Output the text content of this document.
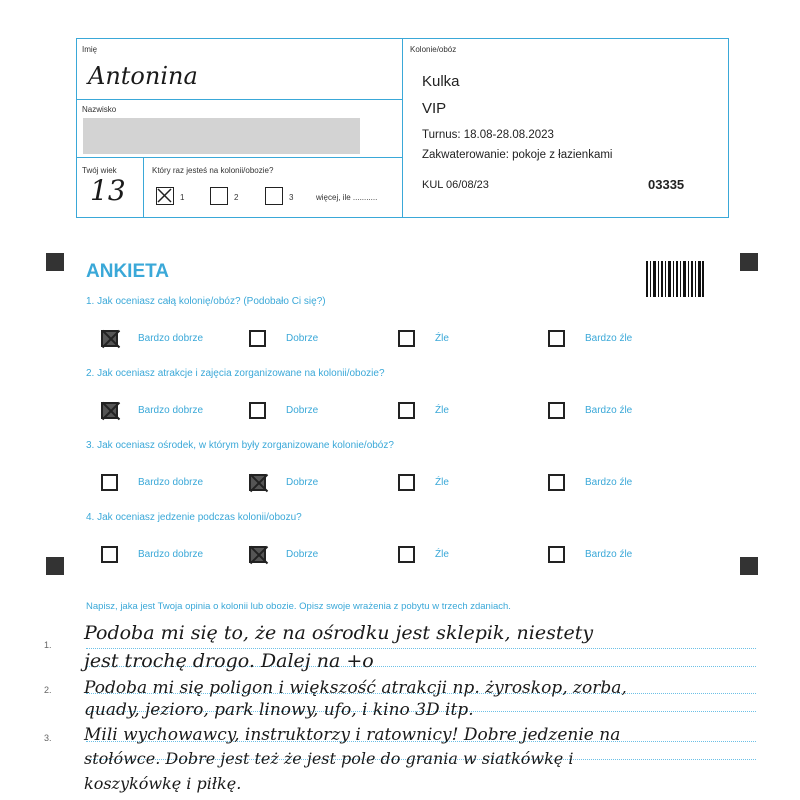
Imię
Antonina
Nazwisko
Twój wiek
13
Który raz jesteś na kolonii/obozie?
1	2	3	więcej, ile ...........
Kolonie/obóz
Kulka
VIP
Turnus: 18.08-28.08.2023
Zakwaterowanie: pokoje z łazienkami
KUL 06/08/23	03335
ANKIETA
1. Jak oceniasz całą kolonię/obóz? (Podobało Ci się?)
Bardzo dobrze	Dobrze	Źle	Bardzo źle
2. Jak oceniasz atrakcje i zajęcia zorganizowane na kolonii/obozie?
Bardzo dobrze	Dobrze	Źle	Bardzo źle
3. Jak oceniasz ośrodek, w którym były zorganizowane kolonie/obóz?
Bardzo dobrze	Dobrze	Źle	Bardzo źle
4. Jak oceniasz jedzenie podczas kolonii/obozu?
Bardzo dobrze	Dobrze	Źle	Bardzo źle
Napisz, jaka jest Twoja opinia o kolonii lub obozie. Opisz swoje wrażenia z pobytu w trzech zdaniach.
1.
2.
3.
Podoba mi się to, że na ośrodku jest sklepik, niestety
jest trochę drogo. Dalej na +o
Podoba mi się poligon i większość atrakcji np. żyroskop, zorba,
quady, jezioro, park linowy, ufo, i kino 3D itp.
Mili wychowawcy, instruktorzy i ratownicy! Dobre jedzenie na
stołówce. Dobre jest też że jest pole do grania w siatkówkę i
koszykówkę i piłkę.
